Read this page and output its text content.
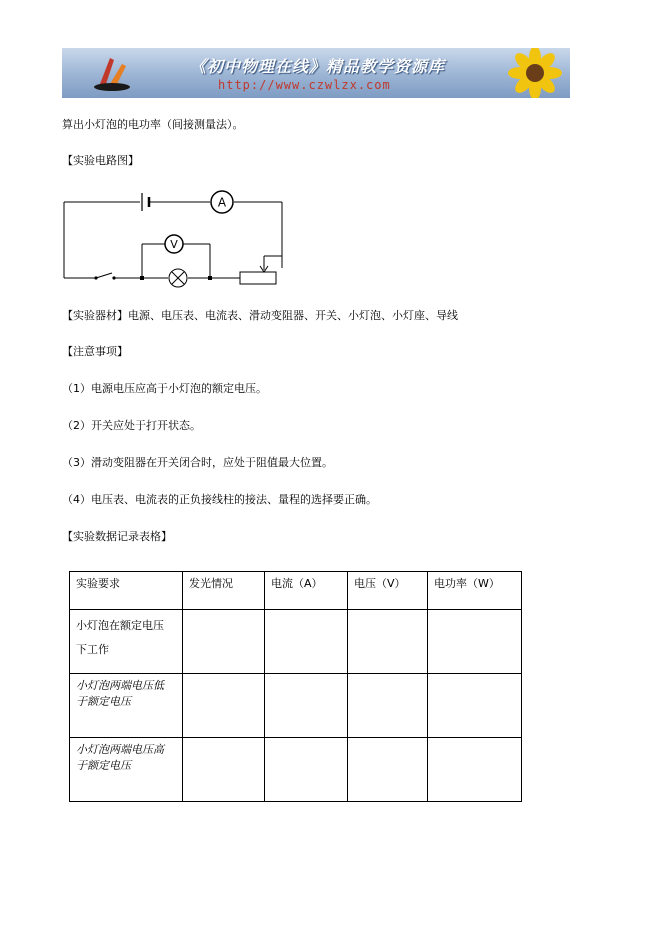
《初中物理在线》精品教学资源库
http://www.czwlzx.com
算出小灯泡的电功率（间接测量法）。
【实验电路图】
A
V
【实验器材】电源、电压表、电流表、滑动变阻器、开关、小灯泡、小灯座、导线
【注意事项】
（1）电源电压应高于小灯泡的额定电压。
（2）开关应处于打开状态。
（3）滑动变阻器在开关闭合时，应处于阻值最大位置。
（4）电压表、电流表的正负接线柱的接法、量程的选择要正确。
【实验数据记录表格】
实验要求	发光情况	电流（A）	电压（V）	电功率（W）

小灯泡在额定电压
下工作				

小灯泡两端电压低
于额定电压				

小灯泡两端电压高
于额定电压				
